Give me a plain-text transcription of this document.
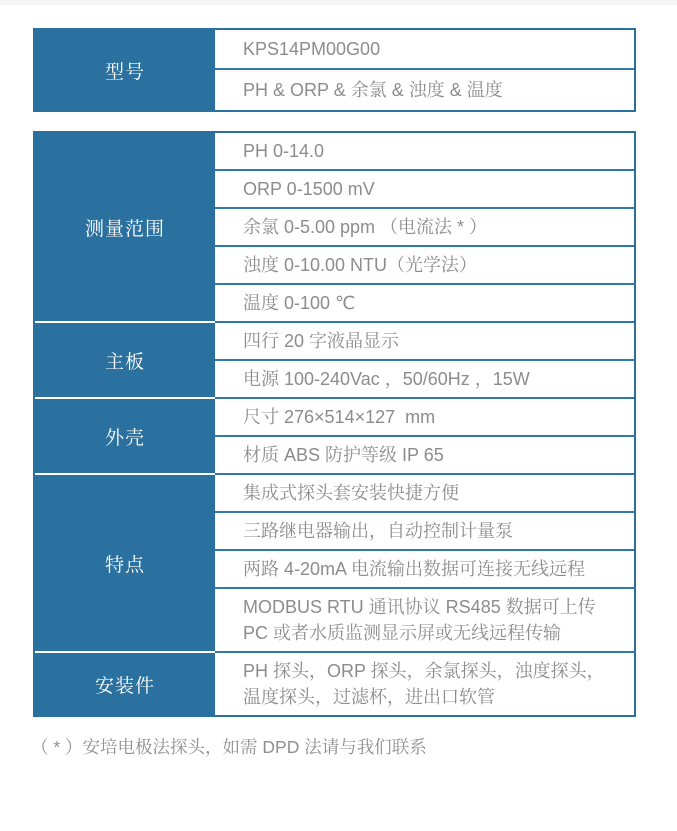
型号
KPS14PM00G00
PH & ORP & 余氯 & 浊度 & 温度
测量范围
PH 0-14.0
ORP 0-1500 mV
余氯 0-5.00 ppm （电流法 * ）
浊度 0-10.00 NTU（光学法）
温度 0-100 ℃
主板
四行 20 字液晶显示
电源 100-240Vac ，50/60Hz ，15W
外壳
尺寸 276×514×127  mm
材质 ABS 防护等级 IP 65
特点
集成式探头套安装快捷方便
三路继电器输出，自动控制计量泵
两路 4-20mA 电流输出数据可连接无线远程
MODBUS RTU 通讯协议 RS485 数据可上传 PC 或者水质监测显示屏或无线远程传输
安装件
PH 探头，ORP 探头，余氯探头，浊度探头，温度探头，过滤杯，进出口软管
（ * ）安培电极法探头，如需 DPD 法请与我们联系
